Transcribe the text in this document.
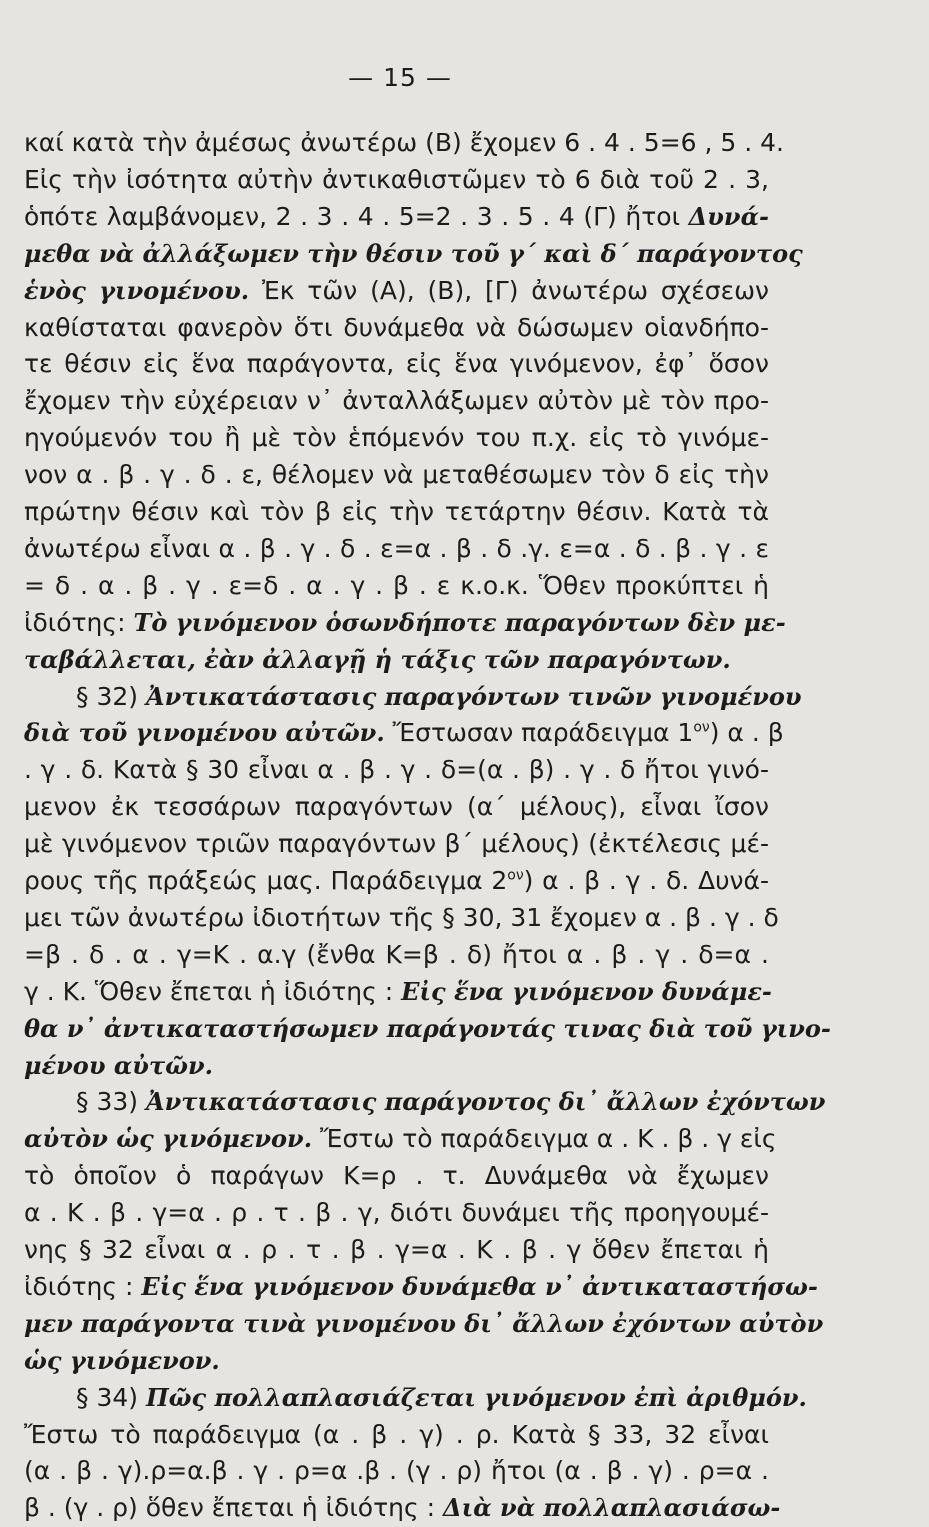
— 15 —
καί κατὰ τὴν ἀμέσως ἀνωτέρω (Β) ἔχομεν 6 . 4 . 5=6 , 5 . 4.
Εἰς τὴν ἰσότητα αὐτὴν ἀντικαθιστῶμεν τὸ 6 διὰ τοῦ 2 . 3,
ὁπότε λαμβάνομεν, 2 . 3 . 4 . 5=2 . 3 . 5 . 4 (Γ) ἤτοι Δυνά-
μεθα νὰ ἀλλάξωμεν τὴν θέσιν τοῦ γ΄ καὶ δ΄ παράγοντος
ἑνὸς γινομένου. Ἐκ τῶν (Α), (Β), [Γ) ἀνωτέρω σχέσεων
καθίσταται φανερὸν ὅτι δυνάμεθα νὰ δώσωμεν οἱανδήπο-
τε θέσιν εἰς ἕνα παράγοντα, εἰς ἕνα γινόμενον, ἐφ᾽ ὅσον
ἔχομεν τὴν εὐχέρειαν ν᾽ ἀνταλλάξωμεν αὐτὸν μὲ τὸν προ-
ηγούμενόν του ἢ μὲ τὸν ἑπόμενόν του π.χ. εἰς τὸ γινόμε-
νον α . β . γ . δ . ε, θέλομεν νὰ μεταθέσωμεν τὸν δ εἰς τὴν
πρώτην θέσιν καὶ τὸν β εἰς τὴν τετάρτην θέσιν. Κατὰ τὰ
ἀνωτέρω εἶναι α . β . γ . δ . ε=α . β . δ .γ. ε=α . δ . β . γ . ε
= δ . α . β . γ . ε=δ . α . γ . β . ε κ.ο.κ. Ὅθεν προκύπτει ἡ
ἰδιότης: Τὸ γινόμενον ὁσωνδήποτε παραγόντων δὲν με-
ταβάλλεται, ἐὰν ἀλλαγῇ ἡ τάξις τῶν παραγόντων.
§ 32) Ἀντικατάστασις παραγόντων τινῶν γινομένου
διὰ τοῦ γινομένου αὐτῶν. Ἔστωσαν παράδειγμα $1^{o\nu}$) α . β
. γ . δ. Κατὰ § 30 εἶναι α . β . γ . δ=(α . β) . γ . δ ἤτοι γινό-
μενον ἐκ τεσσάρων παραγόντων (α΄ μέλους), εἶναι ἴσον
μὲ γινόμενον τριῶν παραγόντων β΄ μέλους) (ἐκτέλεσις μέ-
ρους τῆς πράξεώς μας. Παράδειγμα $2^{o\nu}$) α . β . γ . δ. Δυνά-
μει τῶν ἀνωτέρω ἰδιοτήτων τῆς § 30, 31 ἔχομεν α . β . γ . δ
=β . δ . α . γ=Κ . α.γ (ἔνθα Κ=β . δ) ἤτοι α . β . γ . δ=α .
γ . Κ. Ὅθεν ἔπεται ἡ ἰδιότης : Εἰς ἕνα γινόμενον δυνάμε-
θα ν᾽ ἀντικαταστήσωμεν παράγοντάς τινας διὰ τοῦ γινο-
μένου αὐτῶν.
§ 33) Ἀντικατάστασις παράγοντος δι᾽ ἄλλων ἐχόντων
αὐτὸν ὡς γινόμενον. Ἔστω τὸ παράδειγμα α . Κ . β . γ εἰς
τὸ ὁποῖον ὁ παράγων Κ=ρ . τ. Δυνάμεθα νὰ ἔχωμεν
α . Κ . β . γ=α . ρ . τ . β . γ, διότι δυνάμει τῆς προηγουμέ-
νης § 32 εἶναι α . ρ . τ . β . γ=α . Κ . β . γ ὅθεν ἔπεται ἡ
ἰδιότης : Εἰς ἕνα γινόμενον δυνάμεθα ν᾽ ἀντικαταστήσω-
μεν παράγοντα τινὰ γινομένου δι᾽ ἄλλων ἐχόντων αὐτὸν
ὡς γινόμενον.
§ 34) Πῶς πολλαπλασιάζεται γινόμενον ἐπὶ ἀριθμόν.
Ἔστω τὸ παράδειγμα (α . β . γ) . ρ. Κατὰ § 33, 32 εἶναι
(α . β . γ).ρ=α.β . γ . ρ=α .β . (γ . ρ) ἤτοι (α . β . γ) . ρ=α .
β . (γ . ρ) ὅθεν ἔπεται ἡ ἰδιότης : Διὰ νὰ πολλαπλασιάσω-
